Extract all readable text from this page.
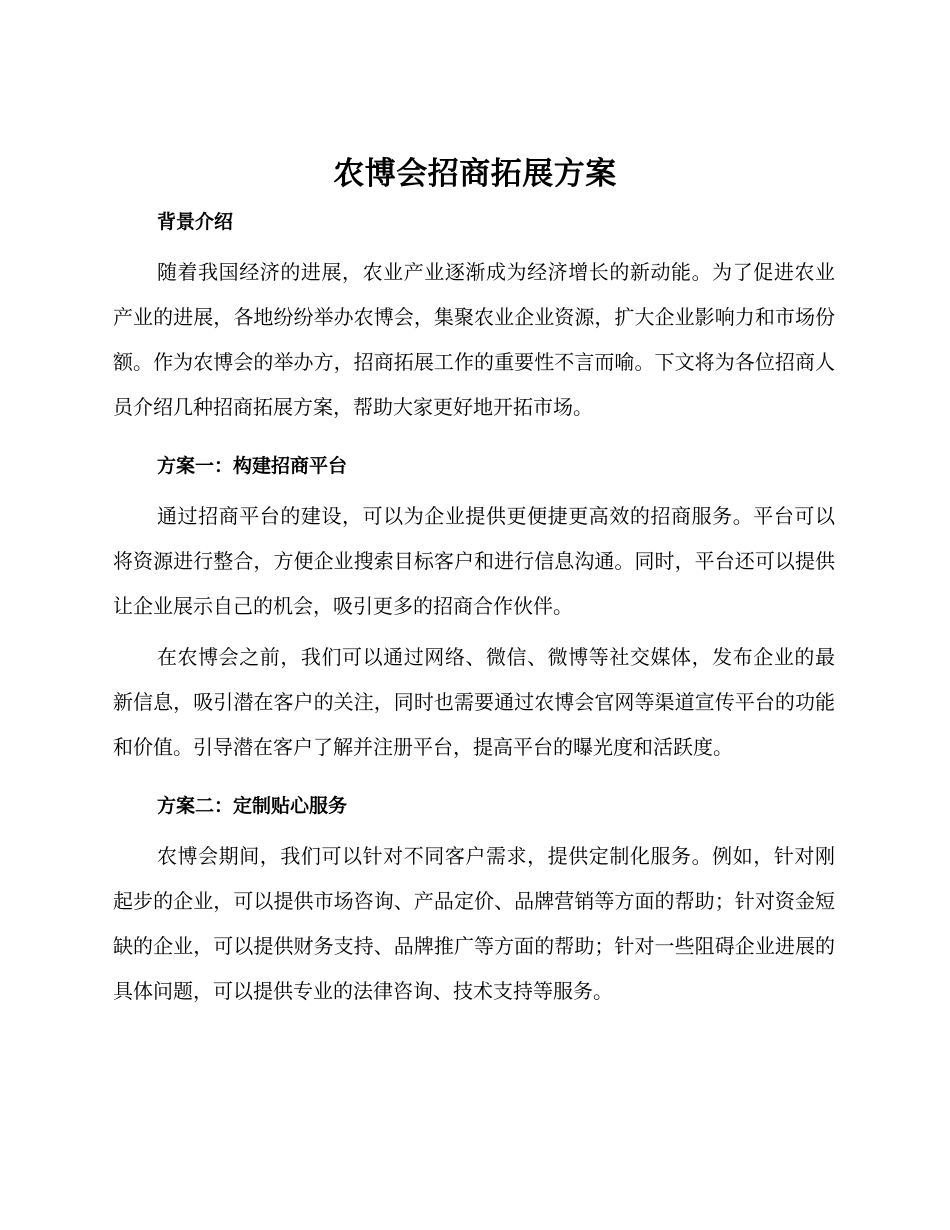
农博会招商拓展方案
背景介绍

随着我国经济的进展，农业产业逐渐成为经济增长的新动能。为了促进农业产业的进展，各地纷纷举办农博会，集聚农业企业资源，扩大企业影响力和市场份额。作为农博会的举办方，招商拓展工作的重要性不言而喻。下文将为各位招商人员介绍几种招商拓展方案，帮助大家更好地开拓市场。

方案一：构建招商平台

通过招商平台的建设，可以为企业提供更便捷更高效的招商服务。平台可以将资源进行整合，方便企业搜索目标客户和进行信息沟通。同时，平台还可以提供让企业展示自己的机会，吸引更多的招商合作伙伴。

在农博会之前，我们可以通过网络、微信、微博等社交媒体，发布企业的最新信息，吸引潜在客户的关注，同时也需要通过农博会官网等渠道宣传平台的功能和价值。引导潜在客户了解并注册平台，提高平台的曝光度和活跃度。

方案二：定制贴心服务

农博会期间，我们可以针对不同客户需求，提供定制化服务。例如，针对刚起步的企业，可以提供市场咨询、产品定价、品牌营销等方面的帮助；针对资金短缺的企业，可以提供财务支持、品牌推广等方面的帮助；针对一些阻碍企业进展的具体问题，可以提供专业的法律咨询、技术支持等服务。
